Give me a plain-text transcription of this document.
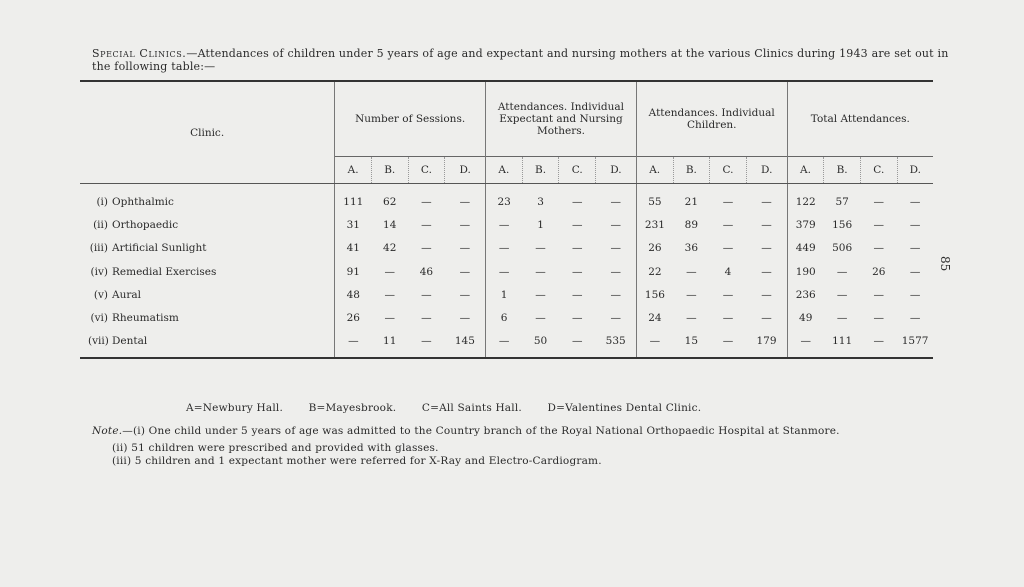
Special Clinics.—Attendances of children under 5 years of age and expectant and nursing mothers at the various Clinics during 1943 are set out in the following table:—
85
Clinic.	Number of Sessions.				Attendances. Individual Expectant and Nursing Mothers.				Attendances. Individual Children.				Total Attendances.			
	A.	B.	C.	D.	A.	B.	C.	D.	A.	B.	C.	D.	A.	B.	C.	D.
(i) Ophthalmic	111	62	—	—	23	3	—	—	55	21	—	—	122	57	—	—
(ii) Orthopaedic	31	14	—	—	—	1	—	—	231	89	—	—	379	156	—	—
(iii) Artificial Sunlight	41	42	—	—	—	—	—	—	26	36	—	—	449	506	—	—
(iv) Remedial Exercises	91	—	46	—	—	—	—	—	22	—	4	—	190	—	26	—
(v) Aural	48	—	—	—	1	—	—	—	156	—	—	—	236	—	—	—
(vi) Rheumatism	26	—	—	—	6	—	—	—	24	—	—	—	49	—	—	—
(vii) Dental	—	11	—	145	—	50	—	535	—	15	—	179	—	111	—	1577

A=Newbury Hall. B=Mayesbrook. C=All Saints Hall. D=Valentines Dental Clinic.
Note.—(i) One child under 5 years of age was admitted to the Country branch of the Royal National Orthopaedic Hospital at Stanmore.
(ii) 51 children were prescribed and provided with glasses.
(iii) 5 children and 1 expectant mother were referred for X-Ray and Electro-Cardiogram.
